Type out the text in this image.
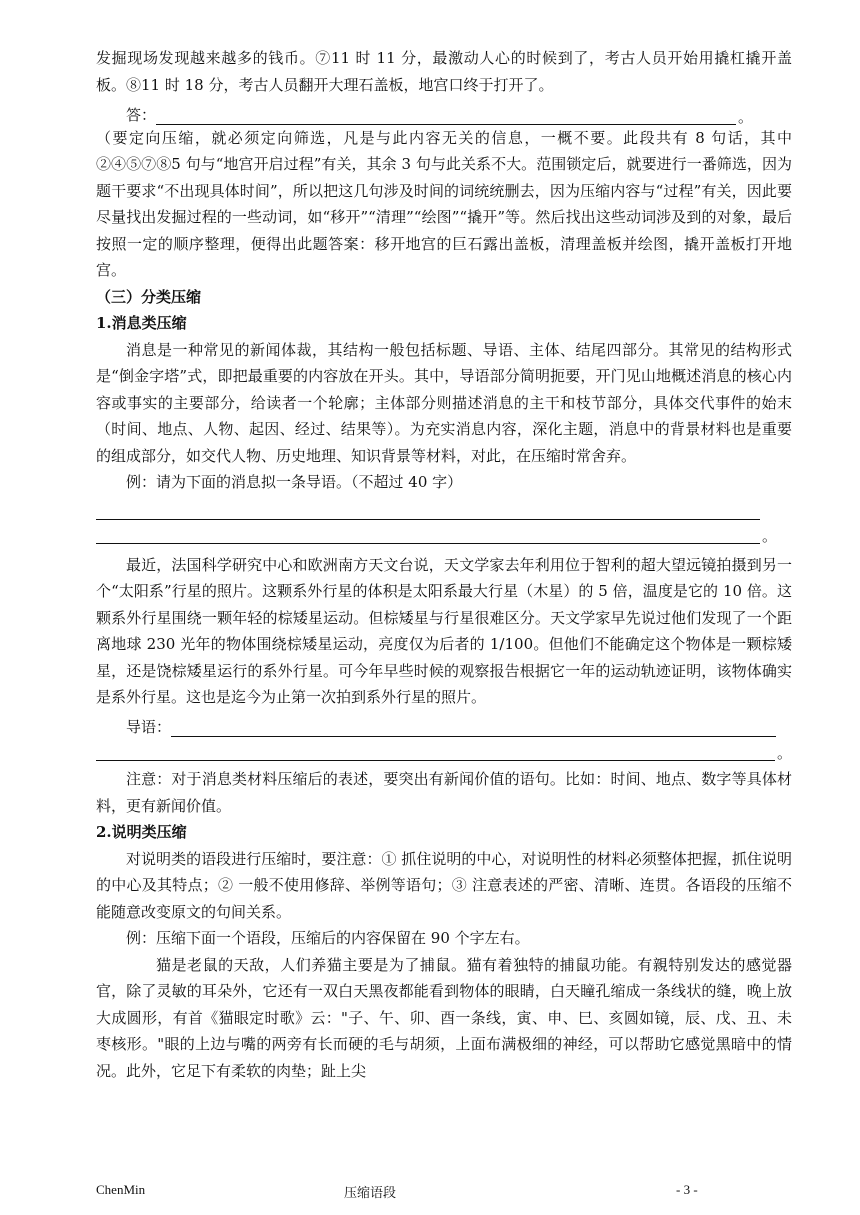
发掘现场发现越来越多的钱币。⑦11 时 11 分，最激动人心的时候到了，考古人员开始用撬杠撬开盖板。⑧11 时 18 分，考古人员翻开大理石盖板，地宫口终于打开了。

答：	。

（要定向压缩，就必须定向筛选，凡是与此内容无关的信息，一概不要。此段共有 8 句话，其中②④⑤⑦⑧5 句与“地宫开启过程”有关，其余 3 句与此关系不大。范围锁定后，就要进行一番筛选，因为题干要求“不出现具体时间”，所以把这几句涉及时间的词统统删去，因为压缩内容与“过程”有关，因此要尽量找出发掘过程的一些动词，如“移开”“清理”“绘图”“撬开”等。然后找出这些动词涉及到的对象，最后按照一定的顺序整理，便得出此题答案：移开地宫的巨石露出盖板，清理盖板并绘图，撬开盖板打开地宫。

（三）分类压缩

1.消息类压缩

消息是一种常见的新闻体裁，其结构一般包括标题、导语、主体、结尾四部分。其常见的结构形式是“倒金字塔”式，即把最重要的内容放在开头。其中，导语部分简明扼要，开门见山地概述消息的核心内容或事实的主要部分，给读者一个轮廓；主体部分则描述消息的主干和枝节部分，具体交代事件的始末（时间、地点、人物、起因、经过、结果等）。为充实消息内容，深化主题，消息中的背景材料也是重要的组成部分，如交代人物、历史地理、知识背景等材料，对此，在压缩时常舍弃。

例：请为下面的消息拟一条导语。（不超过 40 字）

。

最近，法国科学研究中心和欧洲南方天文台说，天文学家去年利用位于智利的超大望远镜拍摄到另一个“太阳系”行星的照片。这颗系外行星的体积是太阳系最大行星（木星）的 5 倍，温度是它的 10 倍。这颗系外行星围绕一颗年轻的棕矮星运动。但棕矮星与行星很难区分。天文学家早先说过他们发现了一个距离地球 230 光年的物体围绕棕矮星运动，亮度仅为后者的 1/100。但他们不能确定这个物体是一颗棕矮星，还是饶棕矮星运行的系外行星。可今年早些时候的观察报告根据它一年的运动轨迹证明，该物体确实是系外行星。这也是迄今为止第一次拍到系外行星的照片。

导语：
。

注意：对于消息类材料压缩后的表述，要突出有新闻价值的语句。比如：时间、地点、数字等具体材料，更有新闻价值。

2.说明类压缩

对说明类的语段进行压缩时，要注意：① 抓住说明的中心，对说明性的材料必须整体把握，抓住说明的中心及其特点；② 一般不使用修辞、举例等语句；③ 注意表述的严密、清晰、连贯。各语段的压缩不能随意改变原文的句间关系。

例：压缩下面一个语段，压缩后的内容保留在 90 个字左右。

猫是老鼠的天敌，人们养猫主要是为了捕鼠。猫有着独特的捕鼠功能。有親特别发达的感觉器官，除了灵敏的耳朵外，它还有一双白天黑夜都能看到物体的眼睛，白天瞳孔缩成一条线状的缝，晚上放大成圆形，有首《猫眼定时歌》云："子、午、卯、酉一条线，寅、申、巳、亥圆如镜，辰、戊、丑、未枣核形。"眼的上边与嘴的两旁有长而硬的毛与胡须，上面布满极细的神经，可以帮助它感觉黑暗中的情况。此外，它足下有柔软的肉垫；趾上尖

ChenMin	压缩语段	- 3 -
